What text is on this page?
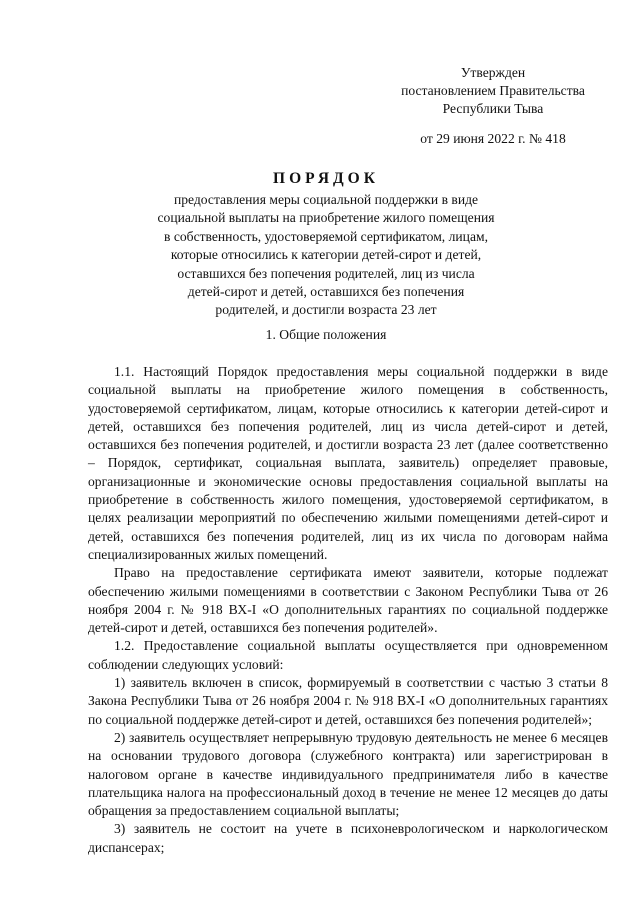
Утвержден
постановлением Правительства
Республики Тыва
от 29 июня 2022 г. № 418
ПОРЯДОК
предоставления меры социальной поддержки в виде
социальной выплаты на приобретение жилого помещения
в собственность, удостоверяемой сертификатом, лицам,
которые относились к категории детей-сирот и детей,
оставшихся без попечения родителей, лиц из числа
детей-сирот и детей, оставшихся без попечения
родителей, и достигли возраста 23 лет
1. Общие положения

1.1. Настоящий Порядок предоставления меры социальной поддержки в виде социальной выплаты на приобретение жилого помещения в собственность, удостоверяемой сертификатом, лицам, которые относились к категории детей-сирот и детей, оставшихся без попечения родителей, лиц из числа детей-сирот и детей, оставшихся без попечения родителей, и достигли возраста 23 лет (далее соответственно – Порядок, сертификат, социальная выплата, заявитель) определяет правовые, организационные и экономические основы предоставления социальной выплаты на приобретение в собственность жилого помещения, удостоверяемой сертификатом, в целях реализации мероприятий по обеспечению жилыми помещениями детей-сирот и детей, оставшихся без попечения родителей, лиц из их числа по договорам найма специализированных жилых помещений.

Право на предоставление сертификата имеют заявители, которые подлежат обеспечению жилыми помещениями в соответствии с Законом Республики Тыва от 26 ноября 2004 г. № 918 ВХ-I «О дополнительных гарантиях по социальной поддержке детей-сирот и детей, оставшихся без попечения родителей».

1.2. Предоставление социальной выплаты осуществляется при одновременном соблюдении следующих условий:

1) заявитель включен в список, формируемый в соответствии с частью 3 статьи 8 Закона Республики Тыва от 26 ноября 2004 г. № 918 ВХ-I «О дополнительных гарантиях по социальной поддержке детей-сирот и детей, оставшихся без попечения родителей»;

2) заявитель осуществляет непрерывную трудовую деятельность не менее 6 месяцев на основании трудового договора (служебного контракта) или зарегистрирован в налоговом органе в качестве индивидуального предпринимателя либо в качестве плательщика налога на профессиональный доход в течение не менее 12 месяцев до даты обращения за предоставлением социальной выплаты;

3) заявитель не состоит на учете в психоневрологическом и наркологическом диспансерах;
